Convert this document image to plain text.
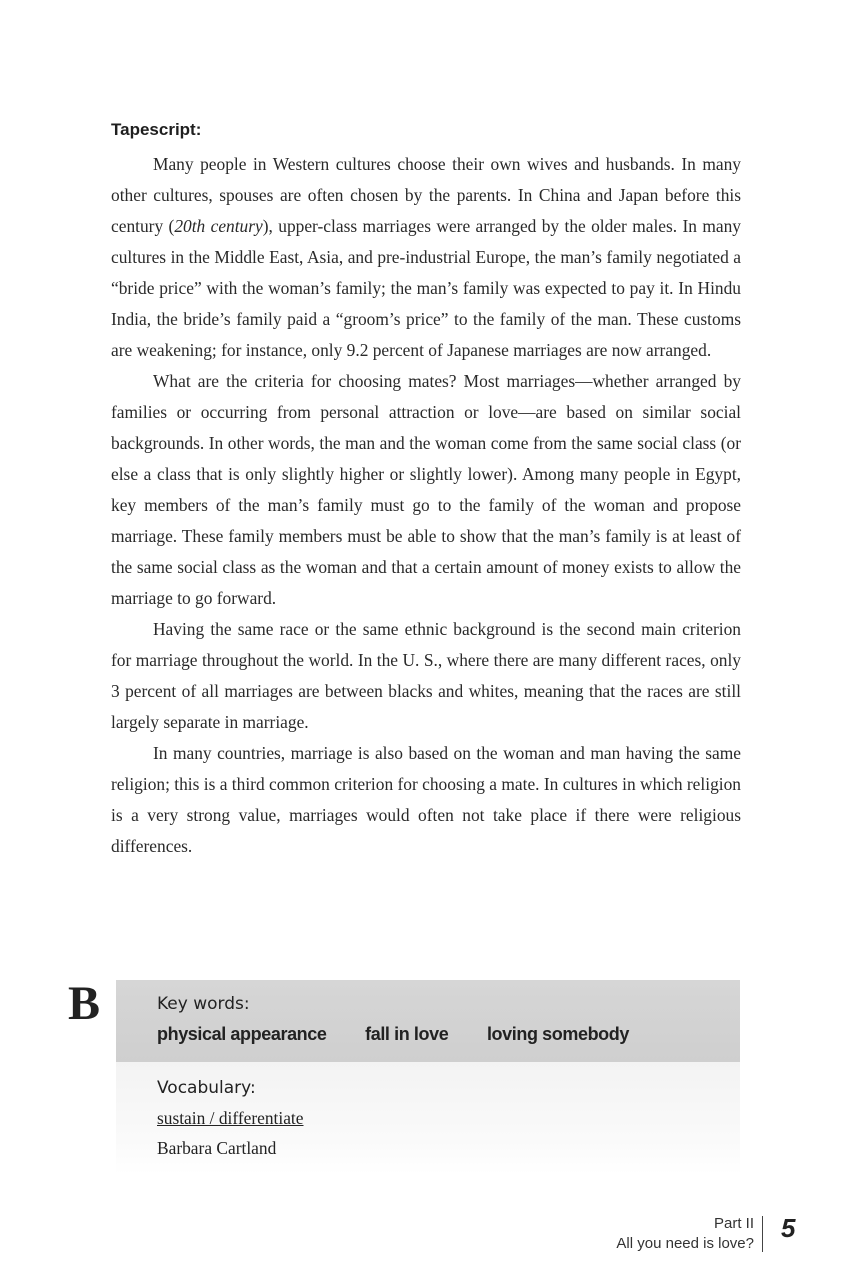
Tapescript:

Many people in Western cultures choose their own wives and husbands. In many other cultures, spouses are often chosen by the parents. In China and Japan before this century (20th century), upper-class marriages were arranged by the older males. In many cultures in the Middle East, Asia, and pre-industrial Europe, the man’s family negotiated a “bride price” with the woman’s family; the man’s family was expected to pay it. In Hindu India, the bride’s family paid a “groom’s price” to the family of the man. These customs are weakening; for instance, only 9.2 percent of Japanese marriages are now arranged.

What are the criteria for choosing mates? Most marriages—whether arranged by families or occurring from personal attraction or love—are based on similar social backgrounds. In other words, the man and the woman come from the same social class (or else a class that is only slightly higher or slightly lower). Among many people in Egypt, key members of the man’s family must go to the family of the woman and propose marriage. These family members must be able to show that the man’s family is at least of the same social class as the woman and that a certain amount of money exists to allow the marriage to go forward.

Having the same race or the same ethnic background is the second main criterion for marriage throughout the world. In the U. S., where there are many different races, only 3 percent of all marriages are between blacks and whites, meaning that the races are still largely separate in marriage.

In many countries, marriage is also based on the woman and man having the same religion; this is a third common criterion for choosing a mate. In cultures in which religion is a very strong value, marriages would often not take place if there were religious differences.

B	Key words:
physical appearance fall in love loving somebody
Vocabulary:
sustain / differentiate
Barbara Cartland
Part II
All you need is love?
5
